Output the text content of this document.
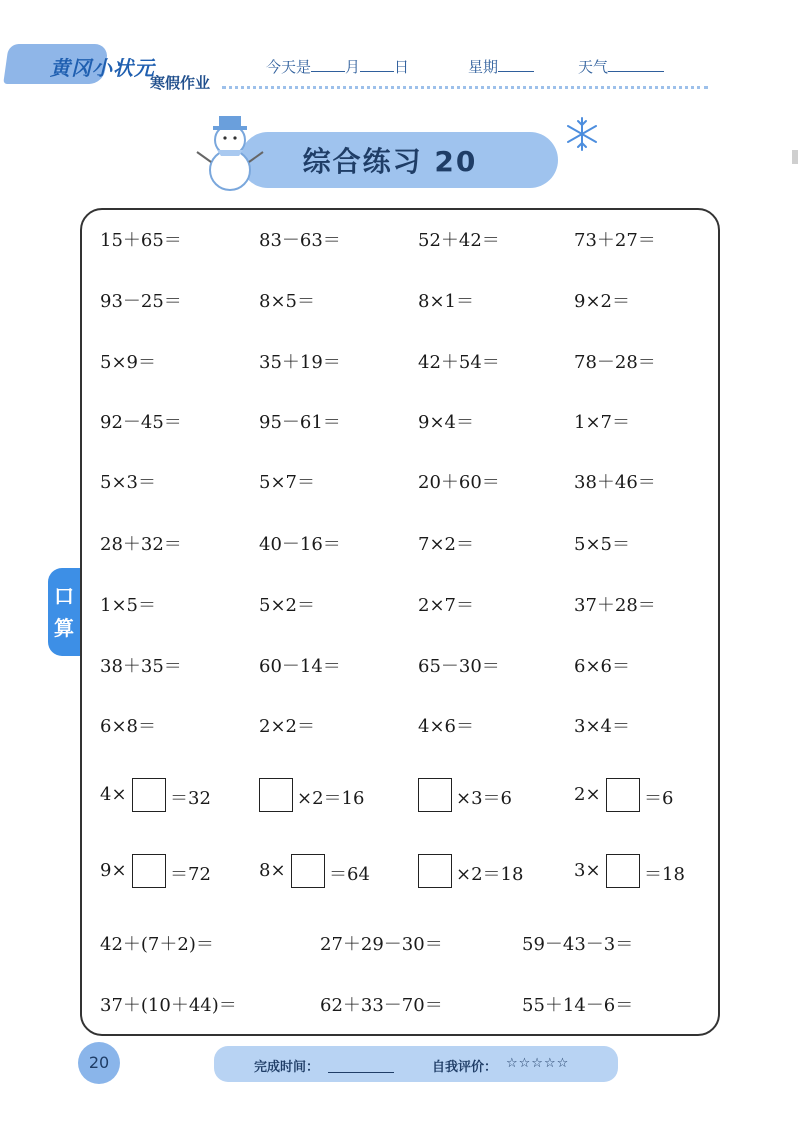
黄冈小状元
寒假作业
今天是 月 日	星期	天气
综合练习 20
口
算
15＋65＝	83－63＝	52＋42＝	73＋27＝
93－25＝	8×5＝	8×1＝	9×2＝
5×9＝	35＋19＝	42＋54＝	78－28＝
92－45＝	95－61＝	9×4＝	1×7＝
5×3＝	5×7＝	20＋60＝	38＋46＝
28＋32＝	40－16＝	7×2＝	5×5＝
1×5＝	5×2＝	2×7＝	37＋28＝
38＋35＝	60－14＝	65－30＝	6×6＝
6×8＝	2×2＝	4×6＝	3×4＝
4× ＝32	×2＝16	×3＝6	2× ＝6
9× ＝72	8× ＝64	×2＝18	3× ＝18
42＋(7＋2)＝	27＋29－30＝	59－43－3＝
37＋(10＋44)＝	62＋33－70＝	55＋14－6＝
20	完成时间：	自我评价： ☆☆☆☆☆
